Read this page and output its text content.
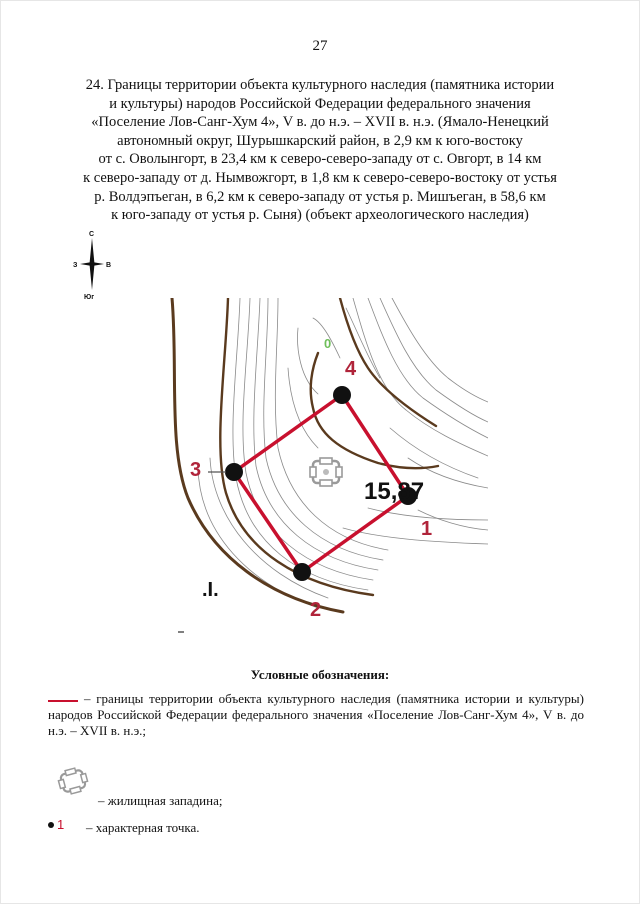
27
24. Границы территории объекта культурного наследия (памятника истории
и культуры) народов Российской Федерации федерального значения
«Поселение Лов-Санг-Хум 4», V в. до н.э. – XVII в. н.э. (Ямало-Ненецкий
автономный округ, Шурышкарский район, в 2,9 км к юго-востоку
от с. Оволынгорт, в 23,4 км к северо-северо-западу от с. Овгорт, в 14 км
к северо-западу от д. Нымвожгорт, в 1,8 км к северо-северо-востоку от устья
р. Волдэпъеган, в 6,2 км к северо-западу от устья р. Мишъеган, в 58,6 км
к юго-западу от устья р. Сыня) (объект археологического наследия)
С
З	В
Юг
0
4
1
2
3
15,87
.I.
Условные обозначения:
– границы территории объекта культурного наследия (памятника истории и культуры) народов Российской Федерации федерального значения «Поселение Лов-Санг-Хум 4», V в. до н.э. – XVII в. н.э.;
– жилищная западина;
1 – характерная точка.
